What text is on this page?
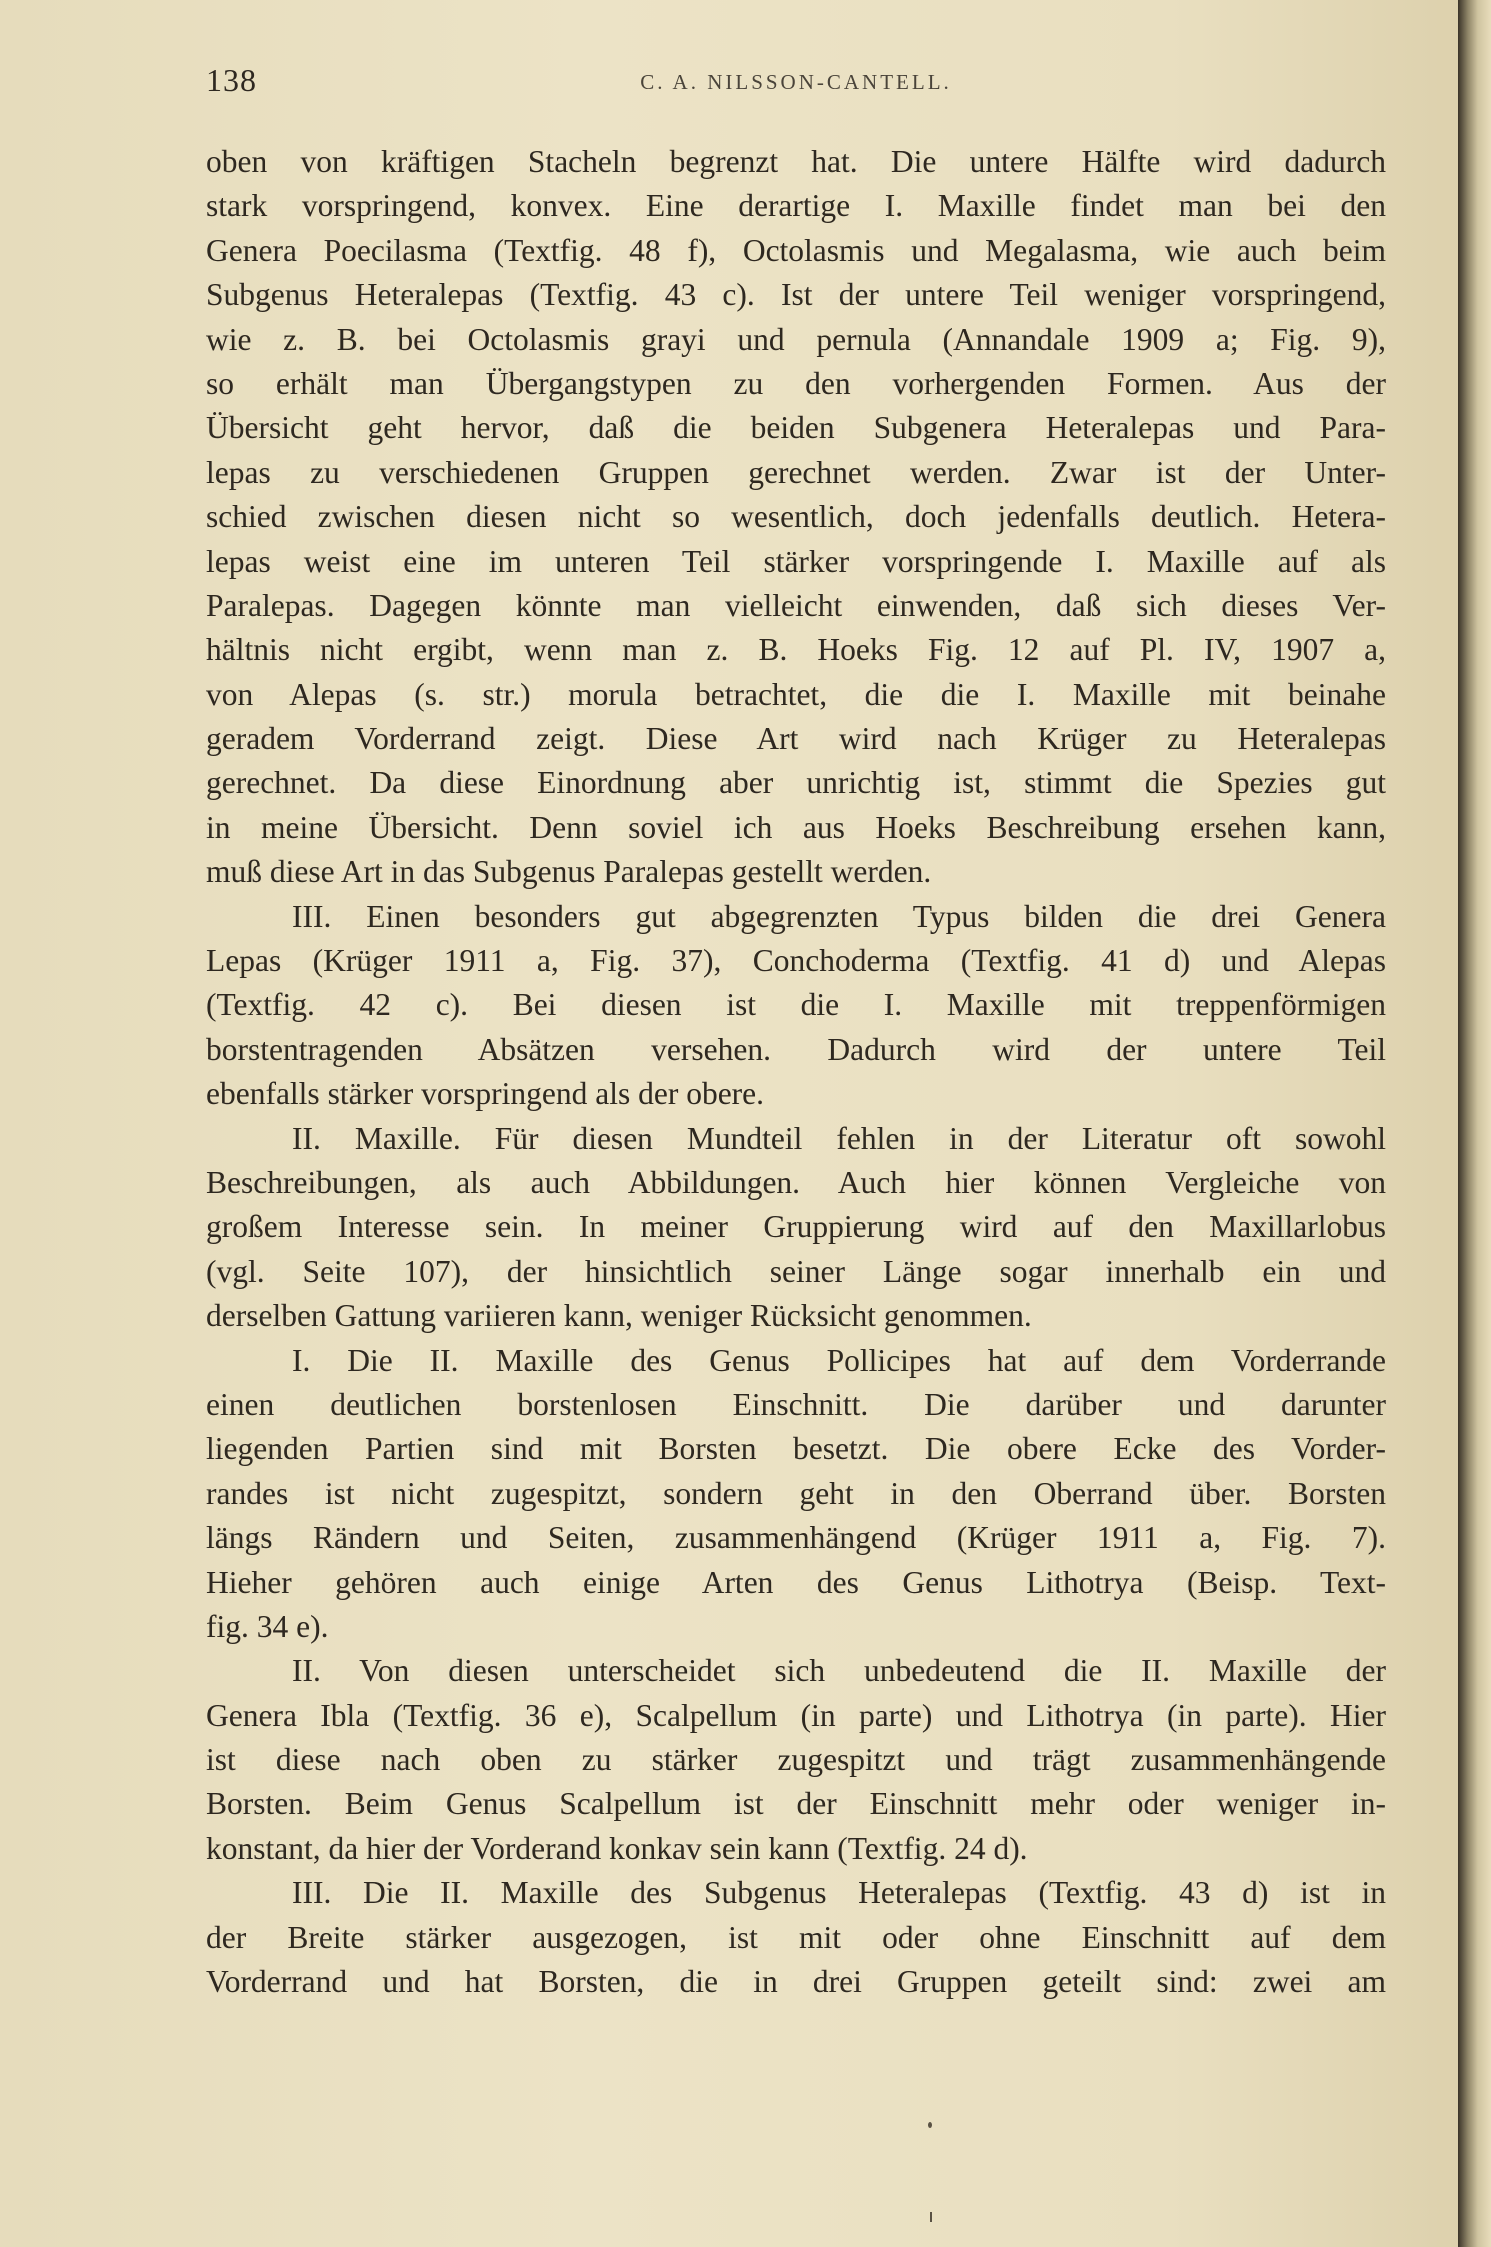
138	C. A. NILSSON-CANTELL.
oben von kräftigen Stacheln begrenzt hat. Die untere Hälfte wird dadurch
stark vorspringend, konvex. Eine derartige I. Maxille findet man bei den
Genera Poecilasma (Textfig. 48 f), Octolasmis und Megalasma, wie auch beim
Subgenus Heteralepas (Textfig. 43 c). Ist der untere Teil weniger vorspringend,
wie z. B. bei Octolasmis grayi und pernula (Annandale 1909 a; Fig. 9),
so erhält man Übergangstypen zu den vorhergenden Formen. Aus der
Übersicht geht hervor, daß die beiden Subgenera Heteralepas und Para-
lepas zu verschiedenen Gruppen gerechnet werden. Zwar ist der Unter-
schied zwischen diesen nicht so wesentlich, doch jedenfalls deutlich. Hetera-
lepas weist eine im unteren Teil stärker vorspringende I. Maxille auf als
Paralepas. Dagegen könnte man vielleicht einwenden, daß sich dieses Ver-
hältnis nicht ergibt, wenn man z. B. Hoeks Fig. 12 auf Pl. IV, 1907 a,
von Alepas (s. str.) morula betrachtet, die die I. Maxille mit beinahe
geradem Vorderrand zeigt. Diese Art wird nach Krüger zu Heteralepas
gerechnet. Da diese Einordnung aber unrichtig ist, stimmt die Spezies gut
in meine Übersicht. Denn soviel ich aus Hoeks Beschreibung ersehen kann,
muß diese Art in das Subgenus Paralepas gestellt werden.
III. Einen besonders gut abgegrenzten Typus bilden die drei Genera
Lepas (Krüger 1911 a, Fig. 37), Conchoderma (Textfig. 41 d) und Alepas
(Textfig. 42 c). Bei diesen ist die I. Maxille mit treppenförmigen
borstentragenden Absätzen versehen. Dadurch wird der untere Teil
ebenfalls stärker vorspringend als der obere.
II. Maxille. Für diesen Mundteil fehlen in der Literatur oft sowohl
Beschreibungen, als auch Abbildungen. Auch hier können Vergleiche von
großem Interesse sein. In meiner Gruppierung wird auf den Maxillarlobus
(vgl. Seite 107), der hinsichtlich seiner Länge sogar innerhalb ein und
derselben Gattung variieren kann, weniger Rücksicht genommen.
I. Die II. Maxille des Genus Pollicipes hat auf dem Vorderrande
einen deutlichen borstenlosen Einschnitt. Die darüber und darunter
liegenden Partien sind mit Borsten besetzt. Die obere Ecke des Vorder-
randes ist nicht zugespitzt, sondern geht in den Oberrand über. Borsten
längs Rändern und Seiten, zusammenhängend (Krüger 1911 a, Fig. 7).
Hieher gehören auch einige Arten des Genus Lithotrya (Beisp. Text-
fig. 34 e).
II. Von diesen unterscheidet sich unbedeutend die II. Maxille der
Genera Ibla (Textfig. 36 e), Scalpellum (in parte) und Lithotrya (in parte). Hier
ist diese nach oben zu stärker zugespitzt und trägt zusammenhängende
Borsten. Beim Genus Scalpellum ist der Einschnitt mehr oder weniger in-
konstant, da hier der Vorderand konkav sein kann (Textfig. 24 d).
III. Die II. Maxille des Subgenus Heteralepas (Textfig. 43 d) ist in
der Breite stärker ausgezogen, ist mit oder ohne Einschnitt auf dem
Vorderrand und hat Borsten, die in drei Gruppen geteilt sind: zwei am
